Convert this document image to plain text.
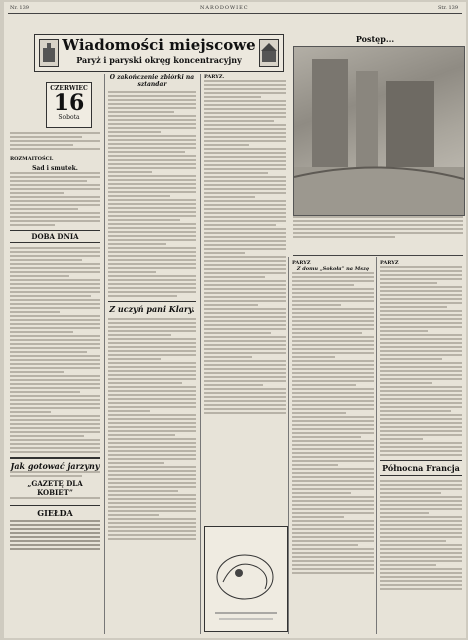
Nr. 139	NARODOWIEC	Str. 139
Wiadomości miejscowe
Paryż i paryski okręg koncentracyjny
CZERWIEC
16
Sobota
ROZMAITOŚCI.
Sad i smutek.
DOBA DNIA
Jak gotować jarzyny
„GAZETĘ DLA KOBIET”
GIEŁDA
O zakończenie zbiórki na sztandar
Z uczyń pani Klary.
PARYŻ.
Postęp...
PARYŻ
Z domu „Sokoła” na Mszę
PARYŻ
Północna Francja
